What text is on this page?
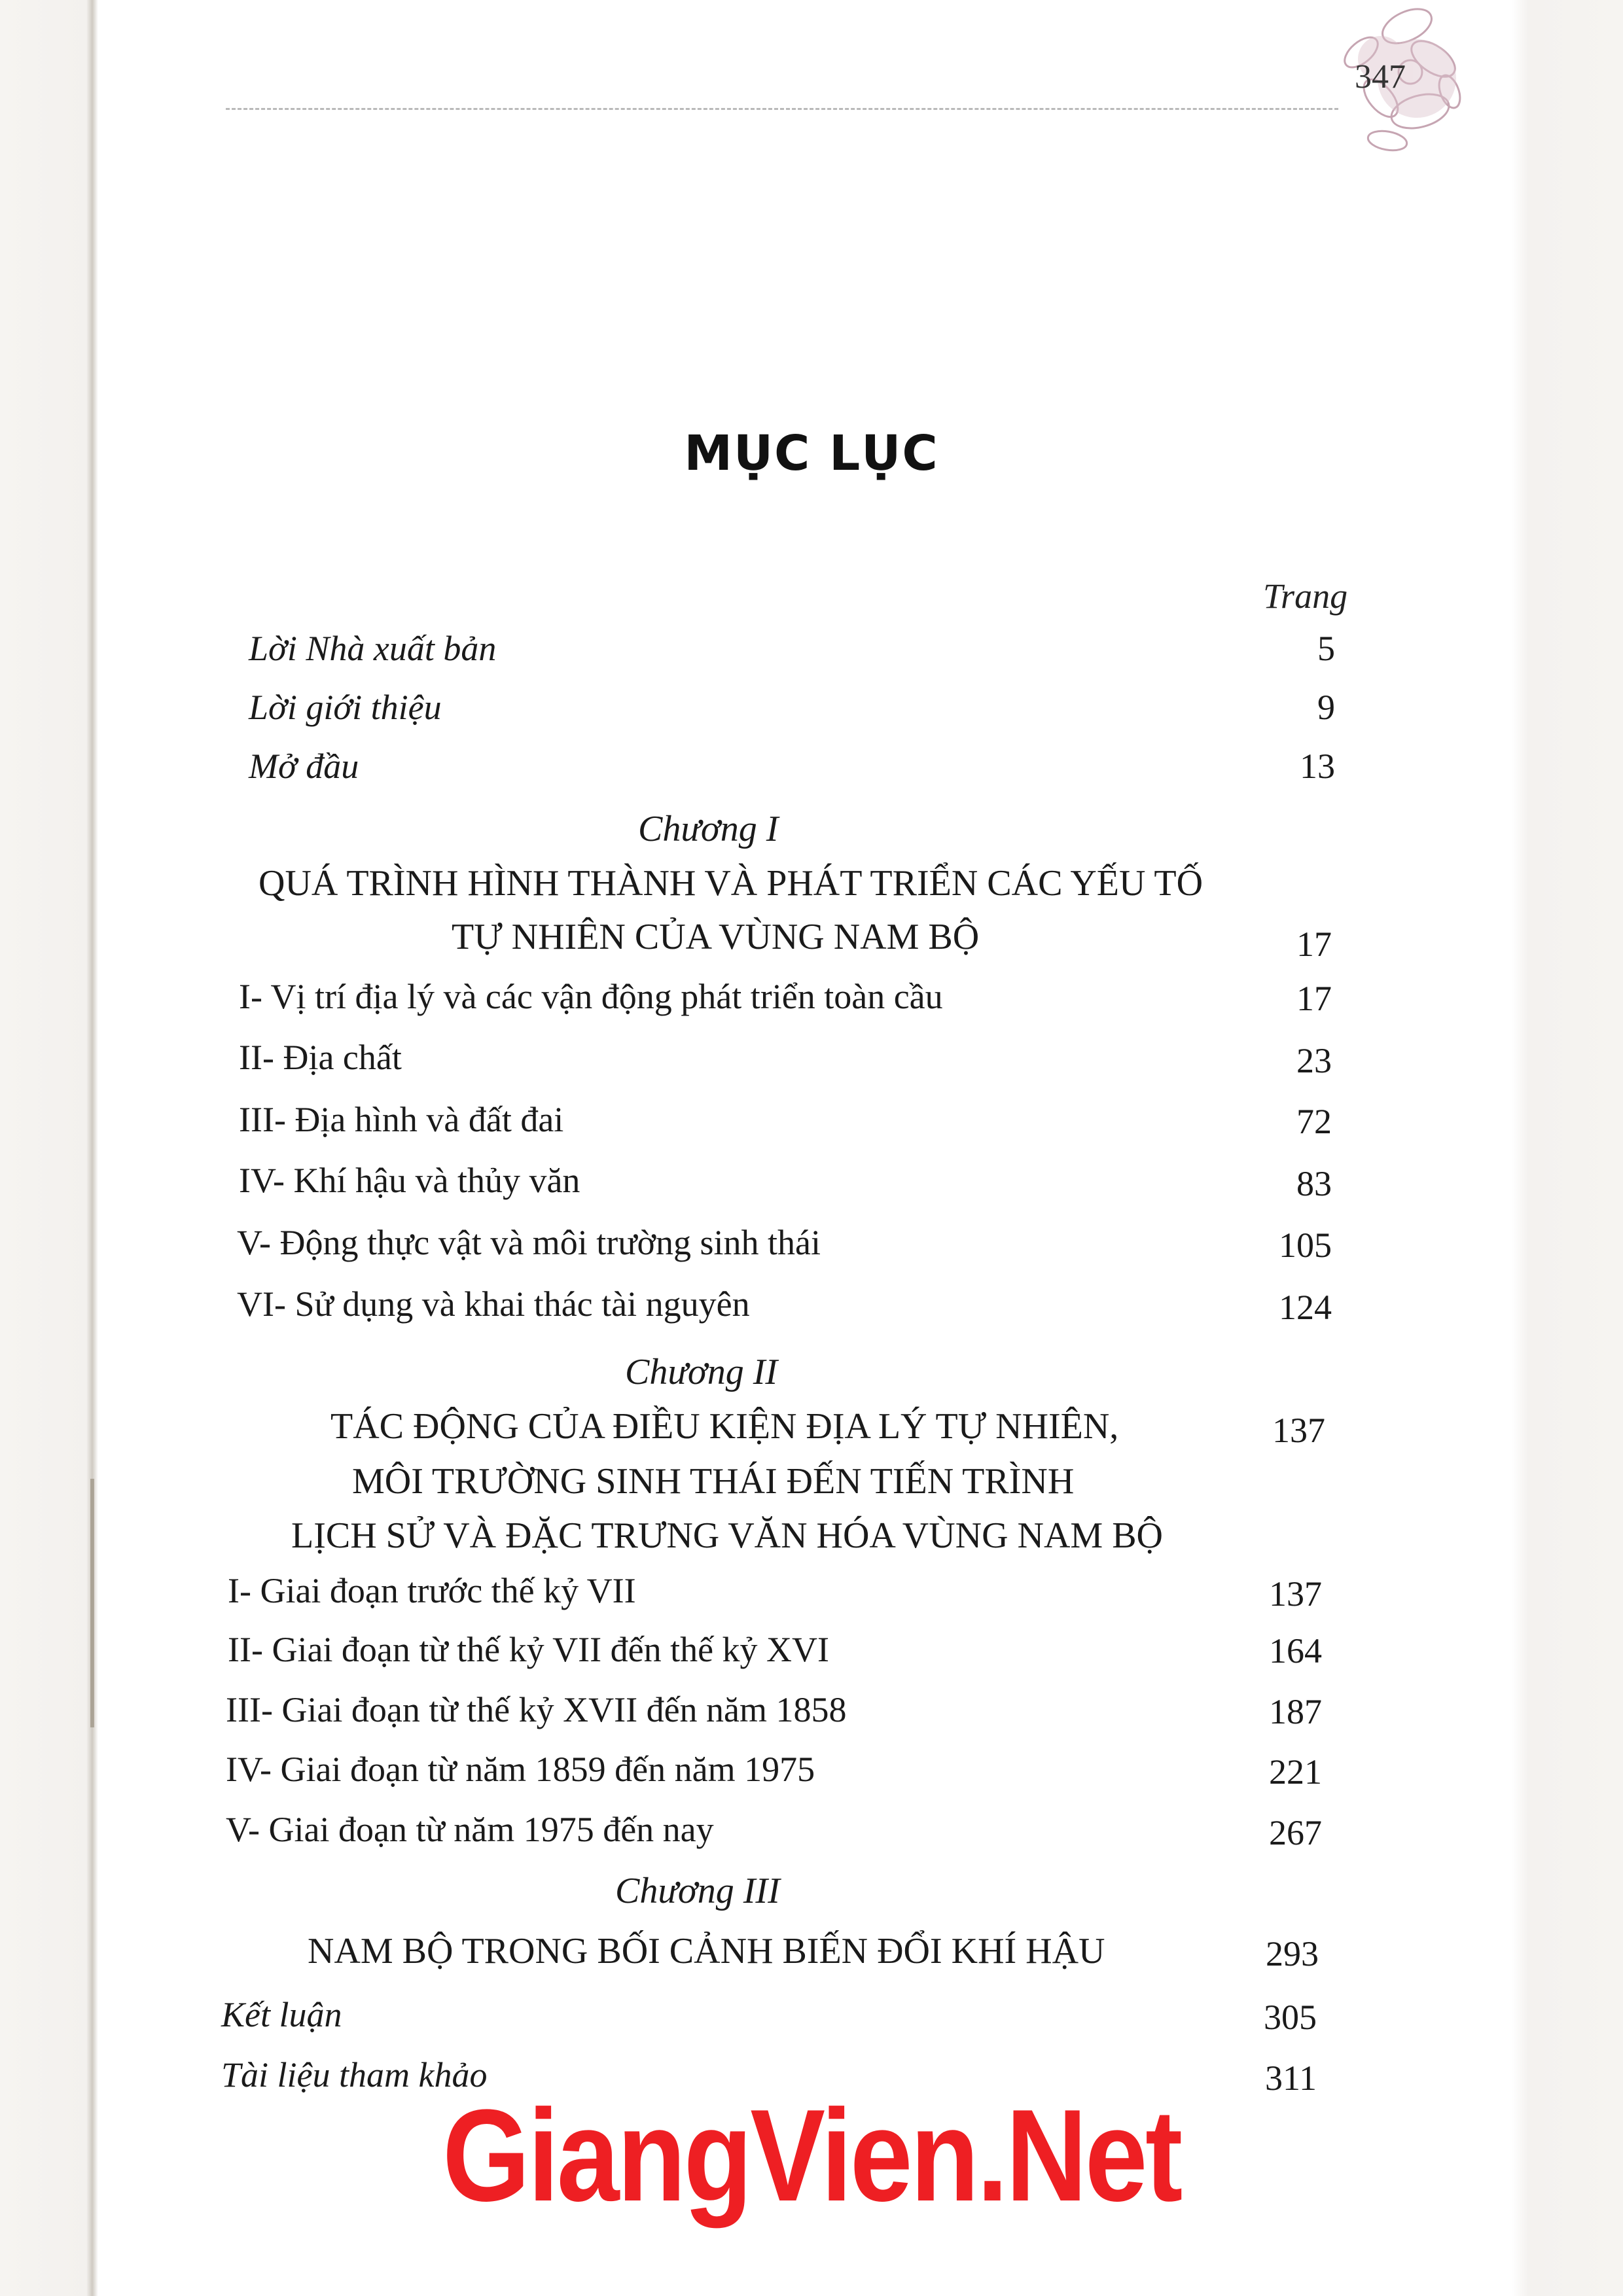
347
MỤC LỤC
Trang
Lời Nhà xuất bản	5
Lời giới thiệu	9
Mở đầu	13
Chương I
QUÁ TRÌNH HÌNH THÀNH VÀ PHÁT TRIỂN CÁC YẾU TỐ
TỰ NHIÊN CỦA VÙNG NAM BỘ	17
I- Vị trí địa lý và các vận động phát triển toàn cầu	17
II- Địa chất	23
III- Địa hình và đất đai	72
IV- Khí hậu và thủy văn	83
V- Động thực vật và môi trường sinh thái	105
VI- Sử dụng và khai thác tài nguyên	124
Chương II
TÁC ĐỘNG CỦA ĐIỀU KIỆN ĐỊA LÝ TỰ NHIÊN,	137
MÔI TRƯỜNG SINH THÁI ĐẾN TIẾN TRÌNH
LỊCH SỬ VÀ ĐẶC TRƯNG VĂN HÓA VÙNG NAM BỘ
I- Giai đoạn trước thế kỷ VII	137
II- Giai đoạn từ thế kỷ VII đến thế kỷ XVI	164
III- Giai đoạn từ thế kỷ XVII đến năm 1858	187
IV- Giai đoạn từ năm 1859 đến năm 1975	221
V- Giai đoạn từ năm 1975 đến nay	267
Chương III
NAM BỘ TRONG BỐI CẢNH BIẾN ĐỔI KHÍ HẬU	293
Kết luận	305
Tài liệu tham khảo	311
GiangVien.Net
